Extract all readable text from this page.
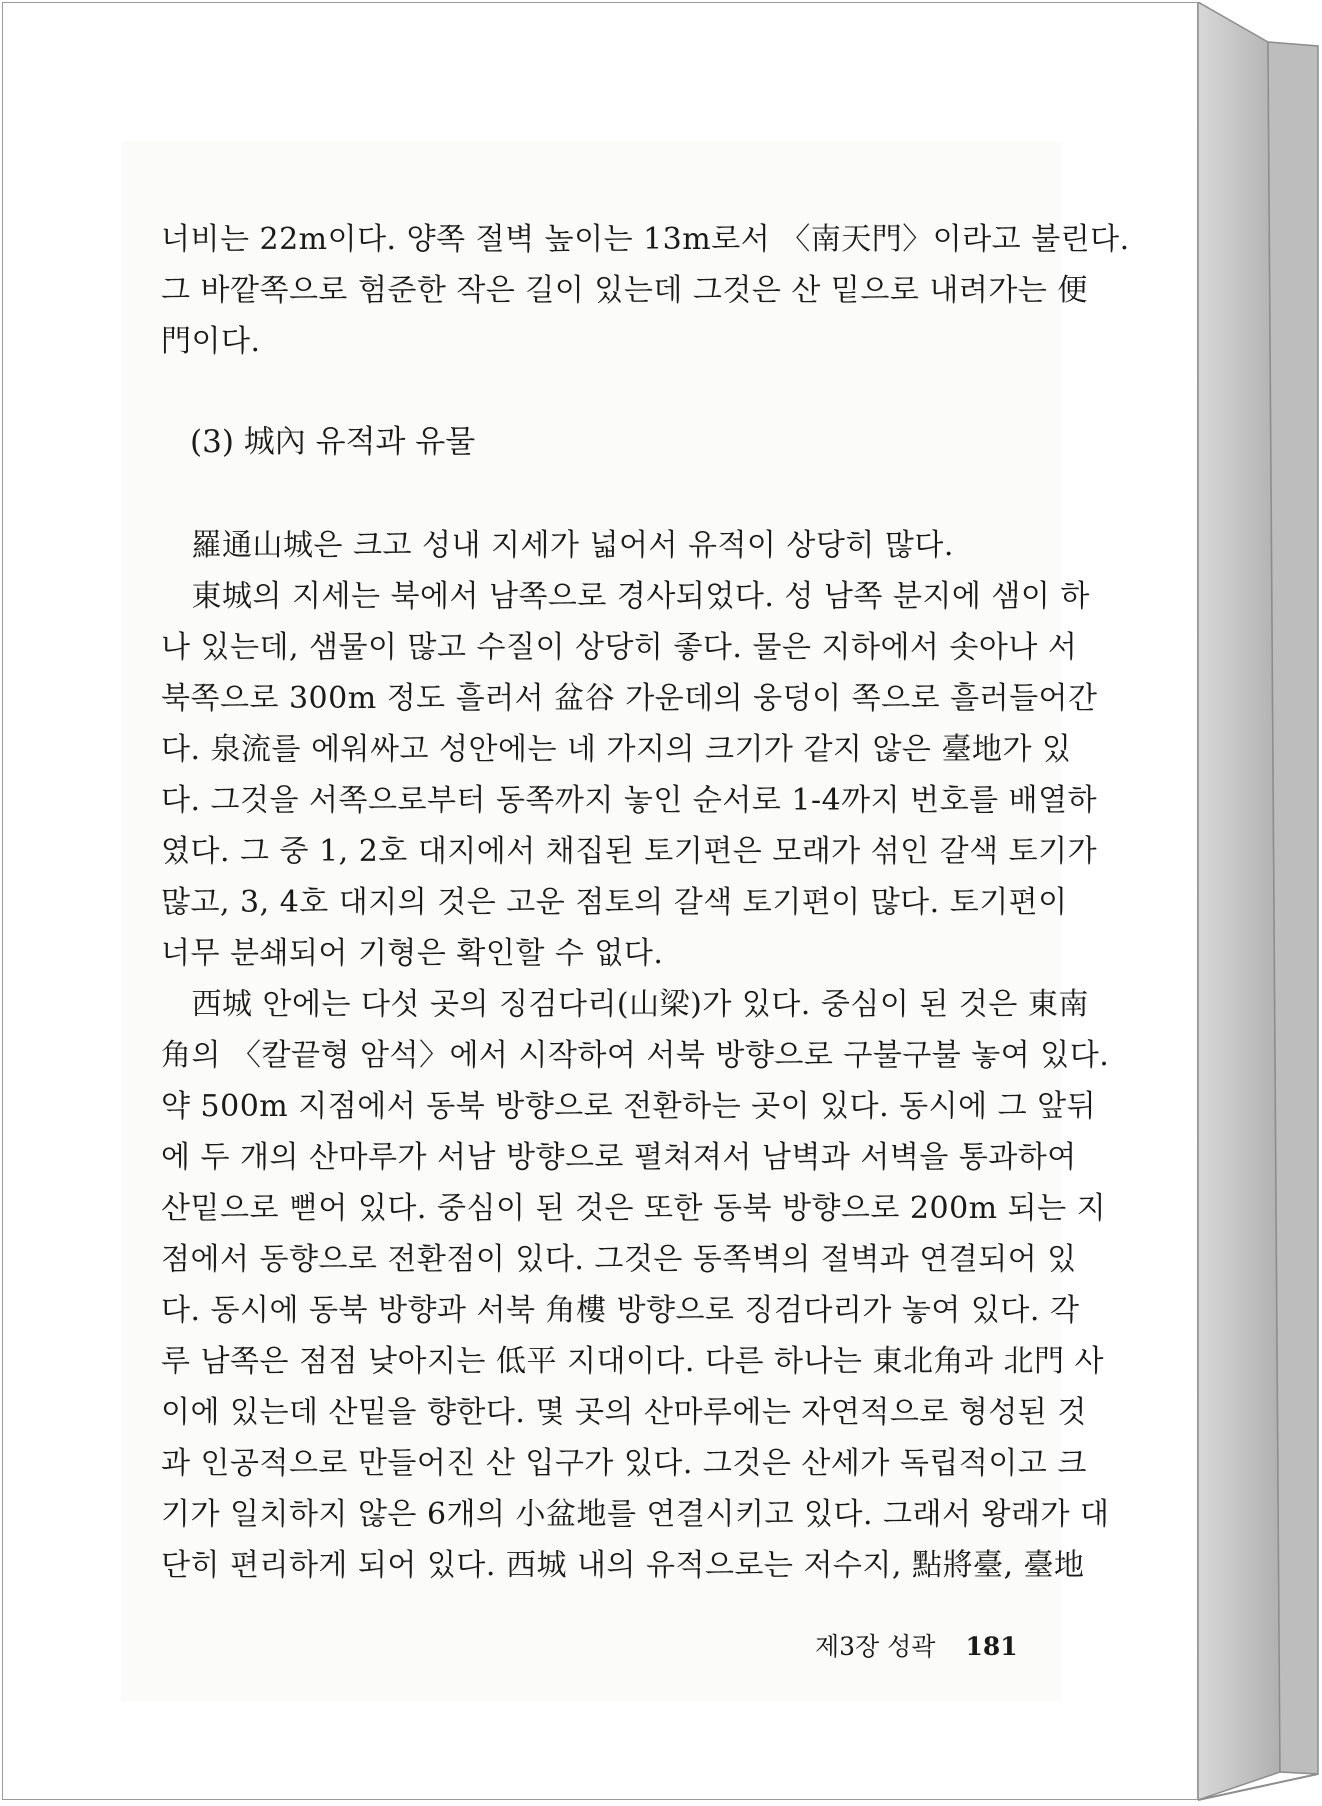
너비는 22m이다. 양쪽 절벽 높이는 13m로서 〈南天門〉이라고 불린다.
그 바깥쪽으로 험준한 작은 길이 있는데 그것은 산 밑으로 내려가는 便
門이다.
(3) 城內 유적과 유물
　羅通山城은 크고 성내 지세가 넓어서 유적이 상당히 많다.
　東城의 지세는 북에서 남쪽으로 경사되었다. 성 남쪽 분지에 샘이 하
나 있는데, 샘물이 많고 수질이 상당히 좋다. 물은 지하에서 솟아나 서
북쪽으로 300m 정도 흘러서 盆谷 가운데의 웅덩이 쪽으로 흘러들어간
다. 泉流를 에워싸고 성안에는 네 가지의 크기가 같지 않은 臺地가 있
다. 그것을 서쪽으로부터 동쪽까지 놓인 순서로 1-4까지 번호를 배열하
였다. 그 중 1, 2호 대지에서 채집된 토기편은 모래가 섞인 갈색 토기가
많고, 3, 4호 대지의 것은 고운 점토의 갈색 토기편이 많다. 토기편이
너무 분쇄되어 기형은 확인할 수 없다.
　西城 안에는 다섯 곳의 징검다리(山梁)가 있다. 중심이 된 것은 東南
角의 〈칼끝형 암석〉에서 시작하여 서북 방향으로 구불구불 놓여 있다.
약 500m 지점에서 동북 방향으로 전환하는 곳이 있다. 동시에 그 앞뒤
에 두 개의 산마루가 서남 방향으로 펼쳐져서 남벽과 서벽을 통과하여
산밑으로 뻗어 있다. 중심이 된 것은 또한 동북 방향으로 200m 되는 지
점에서 동향으로 전환점이 있다. 그것은 동쪽벽의 절벽과 연결되어 있
다. 동시에 동북 방향과 서북 角樓 방향으로 징검다리가 놓여 있다. 각
루 남쪽은 점점 낮아지는 低平 지대이다. 다른 하나는 東北角과 北門 사
이에 있는데 산밑을 향한다. 몇 곳의 산마루에는 자연적으로 형성된 것
과 인공적으로 만들어진 산 입구가 있다. 그것은 산세가 독립적이고 크
기가 일치하지 않은 6개의 小盆地를 연결시키고 있다. 그래서 왕래가 대
단히 편리하게 되어 있다. 西城 내의 유적으로는 저수지, 點將臺, 臺地
제3장 성곽 181
